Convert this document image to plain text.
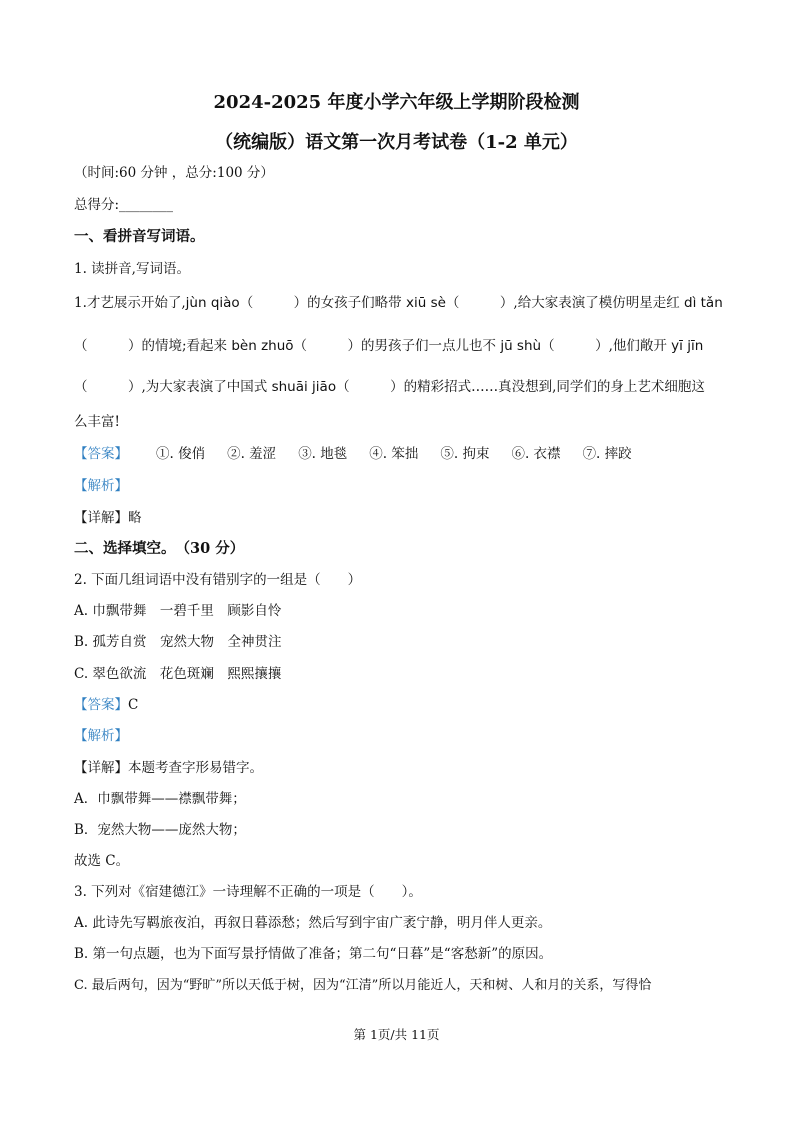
2024-2025 年度小学六年级上学期阶段检测
（统编版）语文第一次月考试卷（1-2 单元）
（时间:60 分钟 ，总分:100 分）
总得分:________
一、看拼音写词语。
1. 读拼音,写词语。
1.才艺展示开始了,jùn qiào（　　　）的女孩子们略带 xiū sè（　　　）,给大家表演了模仿明星走红 dì tǎn
（　　　）的情境;看起来 bèn zhuō（　　　）的男孩子们一点儿也不 jū shù（　　　）,他们敞开 yī jīn
（　　　）,为大家表演了中国式 shuāi jiāo（　　　）的精彩招式……真没想到,同学们的身上艺术细胞这
么丰富!
【答案】 ①. 俊俏 ②. 羞涩 ③. 地毯 ④. 笨拙 ⑤. 拘束 ⑥. 衣襟 ⑦. 摔跤
【解析】
【详解】略
二、选择填空。　（30 分）
2. 下面几组词语中没有错别字的一组是（　　）
A. 巾飘带舞　一碧千里　顾影自怜
B. 孤芳自赏　宠然大物　全神贯注
C. 翠色欲流　花色斑斓　熙熙攘攘
【答案】C
【解析】
【详解】本题考查字形易错字。
A．巾飘带舞——襟飘带舞；
B．宠然大物——庞然大物；
故选 C。
3. 下列对《宿建德江》一诗理解不正确的一项是（　　）。
A. 此诗先写羁旅夜泊，再叙日暮添愁；然后写到宇宙广袤宁静，明月伴人更亲。
B. 第一句点题，也为下面写景抒情做了准备；第二句“日暮”是“客愁新”的原因。
C. 最后两句，因为“野旷”所以天低于树，因为“江清”所以月能近人，天和树、人和月的关系，写得恰
第 1页/共 11页
